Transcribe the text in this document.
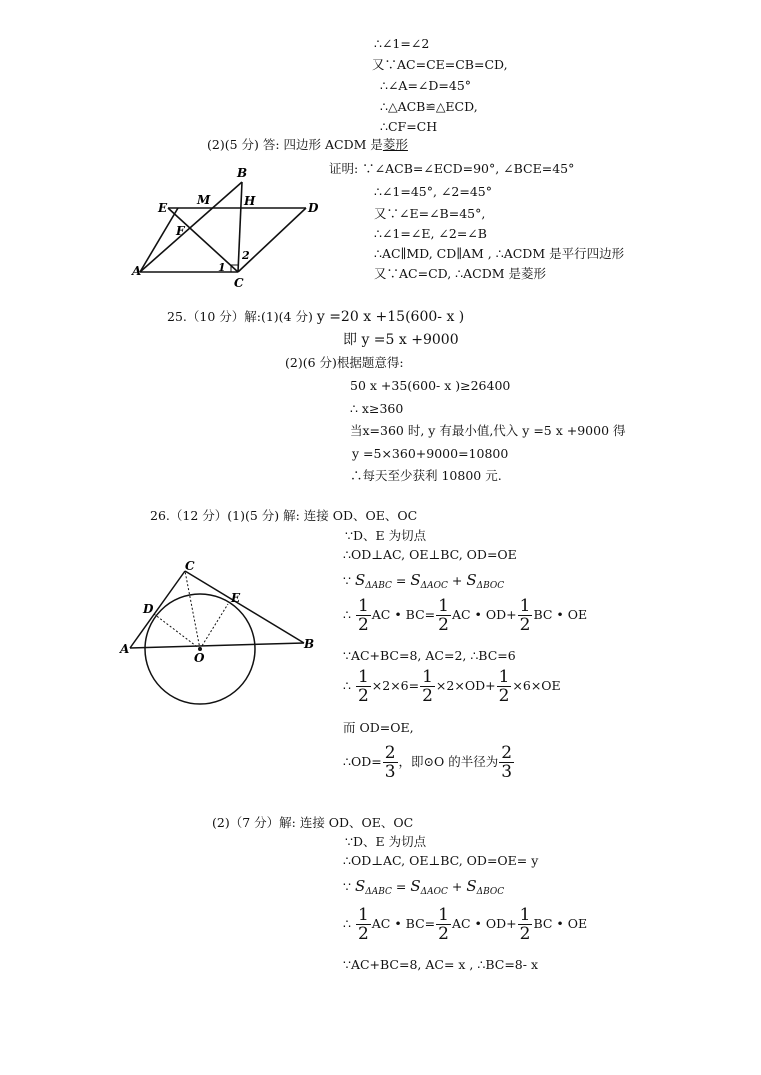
∴∠1=∠2
又∵AC=CE=CB=CD,
∴∠A=∠D=45°
∴△ACB≌△ECD,
∴CF=CH
(2)(5 分) 答: 四边形 ACDM 是菱形
B
E
M	H	D
F
2
A	1
C
证明: ∵∠ACB=∠ECD=90°, ∠BCE=45°
∴∠1=45°, ∠2=45°
又∵∠E=∠B=45°,
∴∠1=∠E, ∠2=∠B
∴AC∥MD, CD∥AM , ∴ACDM 是平行四边形
又∵AC=CD, ∴ACDM 是菱形
25.（10 分）解:(1)(4 分) y =20 x +15(600- x )
即 y =5 x +9000
(2)(6 分)根据题意得:
50 x +35(600- x )≥26400
∴ x≥360
当x=360 时, y 有最小值,代入 y =5 x +9000 得
y =5×360+9000=10800
∴每天至少获利 10800 元.
26.（12 分）(1)(5 分) 解: 连接 OD、OE、OC
∵D、E 为切点
∴OD⊥AC, OE⊥BC, OD=OE
∵ $S_{\Delta ABC} = S_{\Delta AOC} + S_{\Delta BOC}$
∴ $\frac{1}{2}$ AC • $BC= \frac{1}{2}$ AC • $OD+ \frac{1}{2}$ BC • OE
∵AC+BC=8, AC=2, ∴BC=6
∴ $\frac{1}{2} \times 2\times 6= \frac{1}{2} \times 2\times OD+ \frac{1}{2} \times 6\times OE$
而 OD=OE,
∴OD= $\frac{2}{3}$ ，即⊙O 的半径为 $\frac{2}{3}$
C
D
E
A
O
B
(2)（7 分）解: 连接 OD、OE、OC
∵D、E 为切点
∴OD⊥AC, OE⊥BC, OD=OE= y
∵ $S_{\Delta ABC} = S_{\Delta AOC} + S_{\Delta BOC}$
∴ $\frac{1}{2}$ AC • $BC= \frac{1}{2}$ AC • $OD+ \frac{1}{2}$ BC • OE
∵AC+BC=8, AC= x , ∴BC=8- x
